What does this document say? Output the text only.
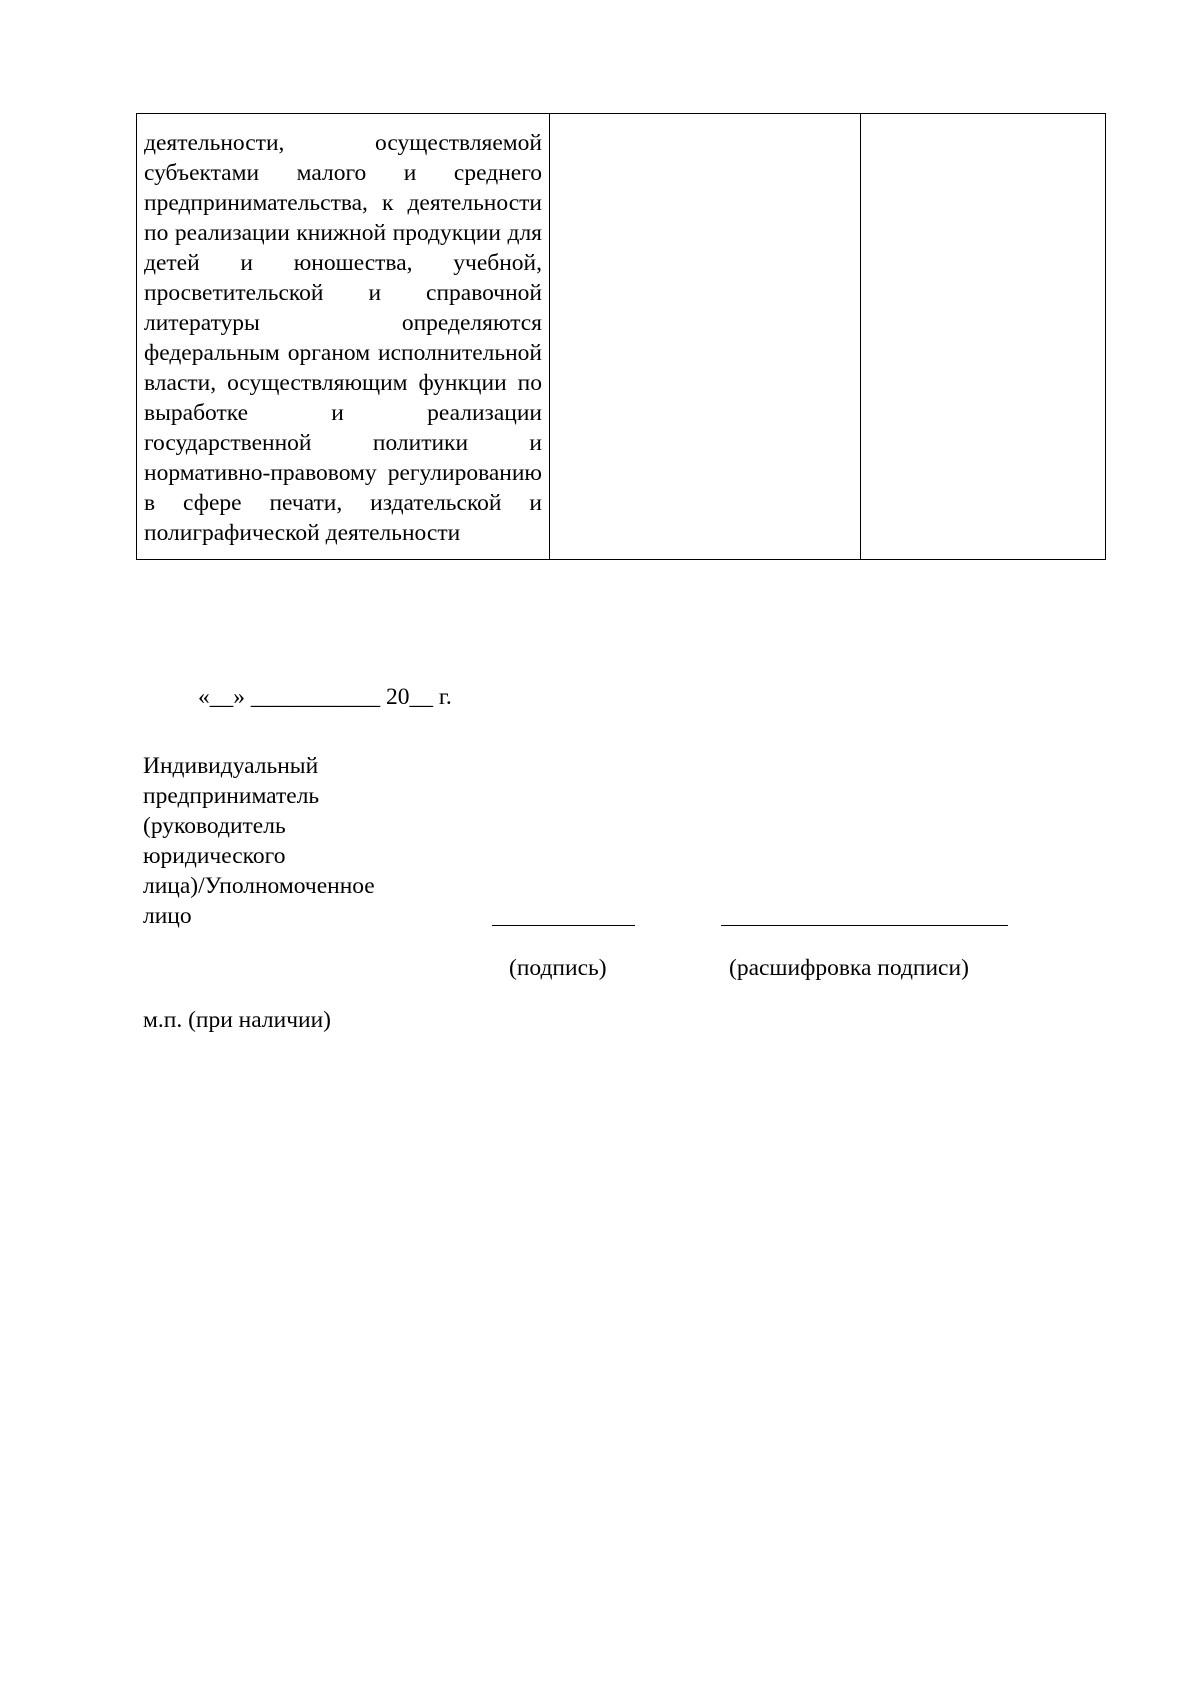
деятельности, осуществляемой субъектами малого и среднего предпринимательства, к деятельности по реализации книжной продукции для детей и юношества, учебной, просветительской и справочной литературы определяются федеральным органом исполнительной власти, осуществляющим функции по выработке и реализации государственной политики и нормативно-правовому регулированию в сфере печати, издательской и полиграфической деятельности

«__» ___________ 20__ г.
Индивидуальный
предприниматель
(руководитель
юридического
лица)/Уполномоченное
лицо
(подпись)	(расшифровка подписи)
м.п. (при наличии)
